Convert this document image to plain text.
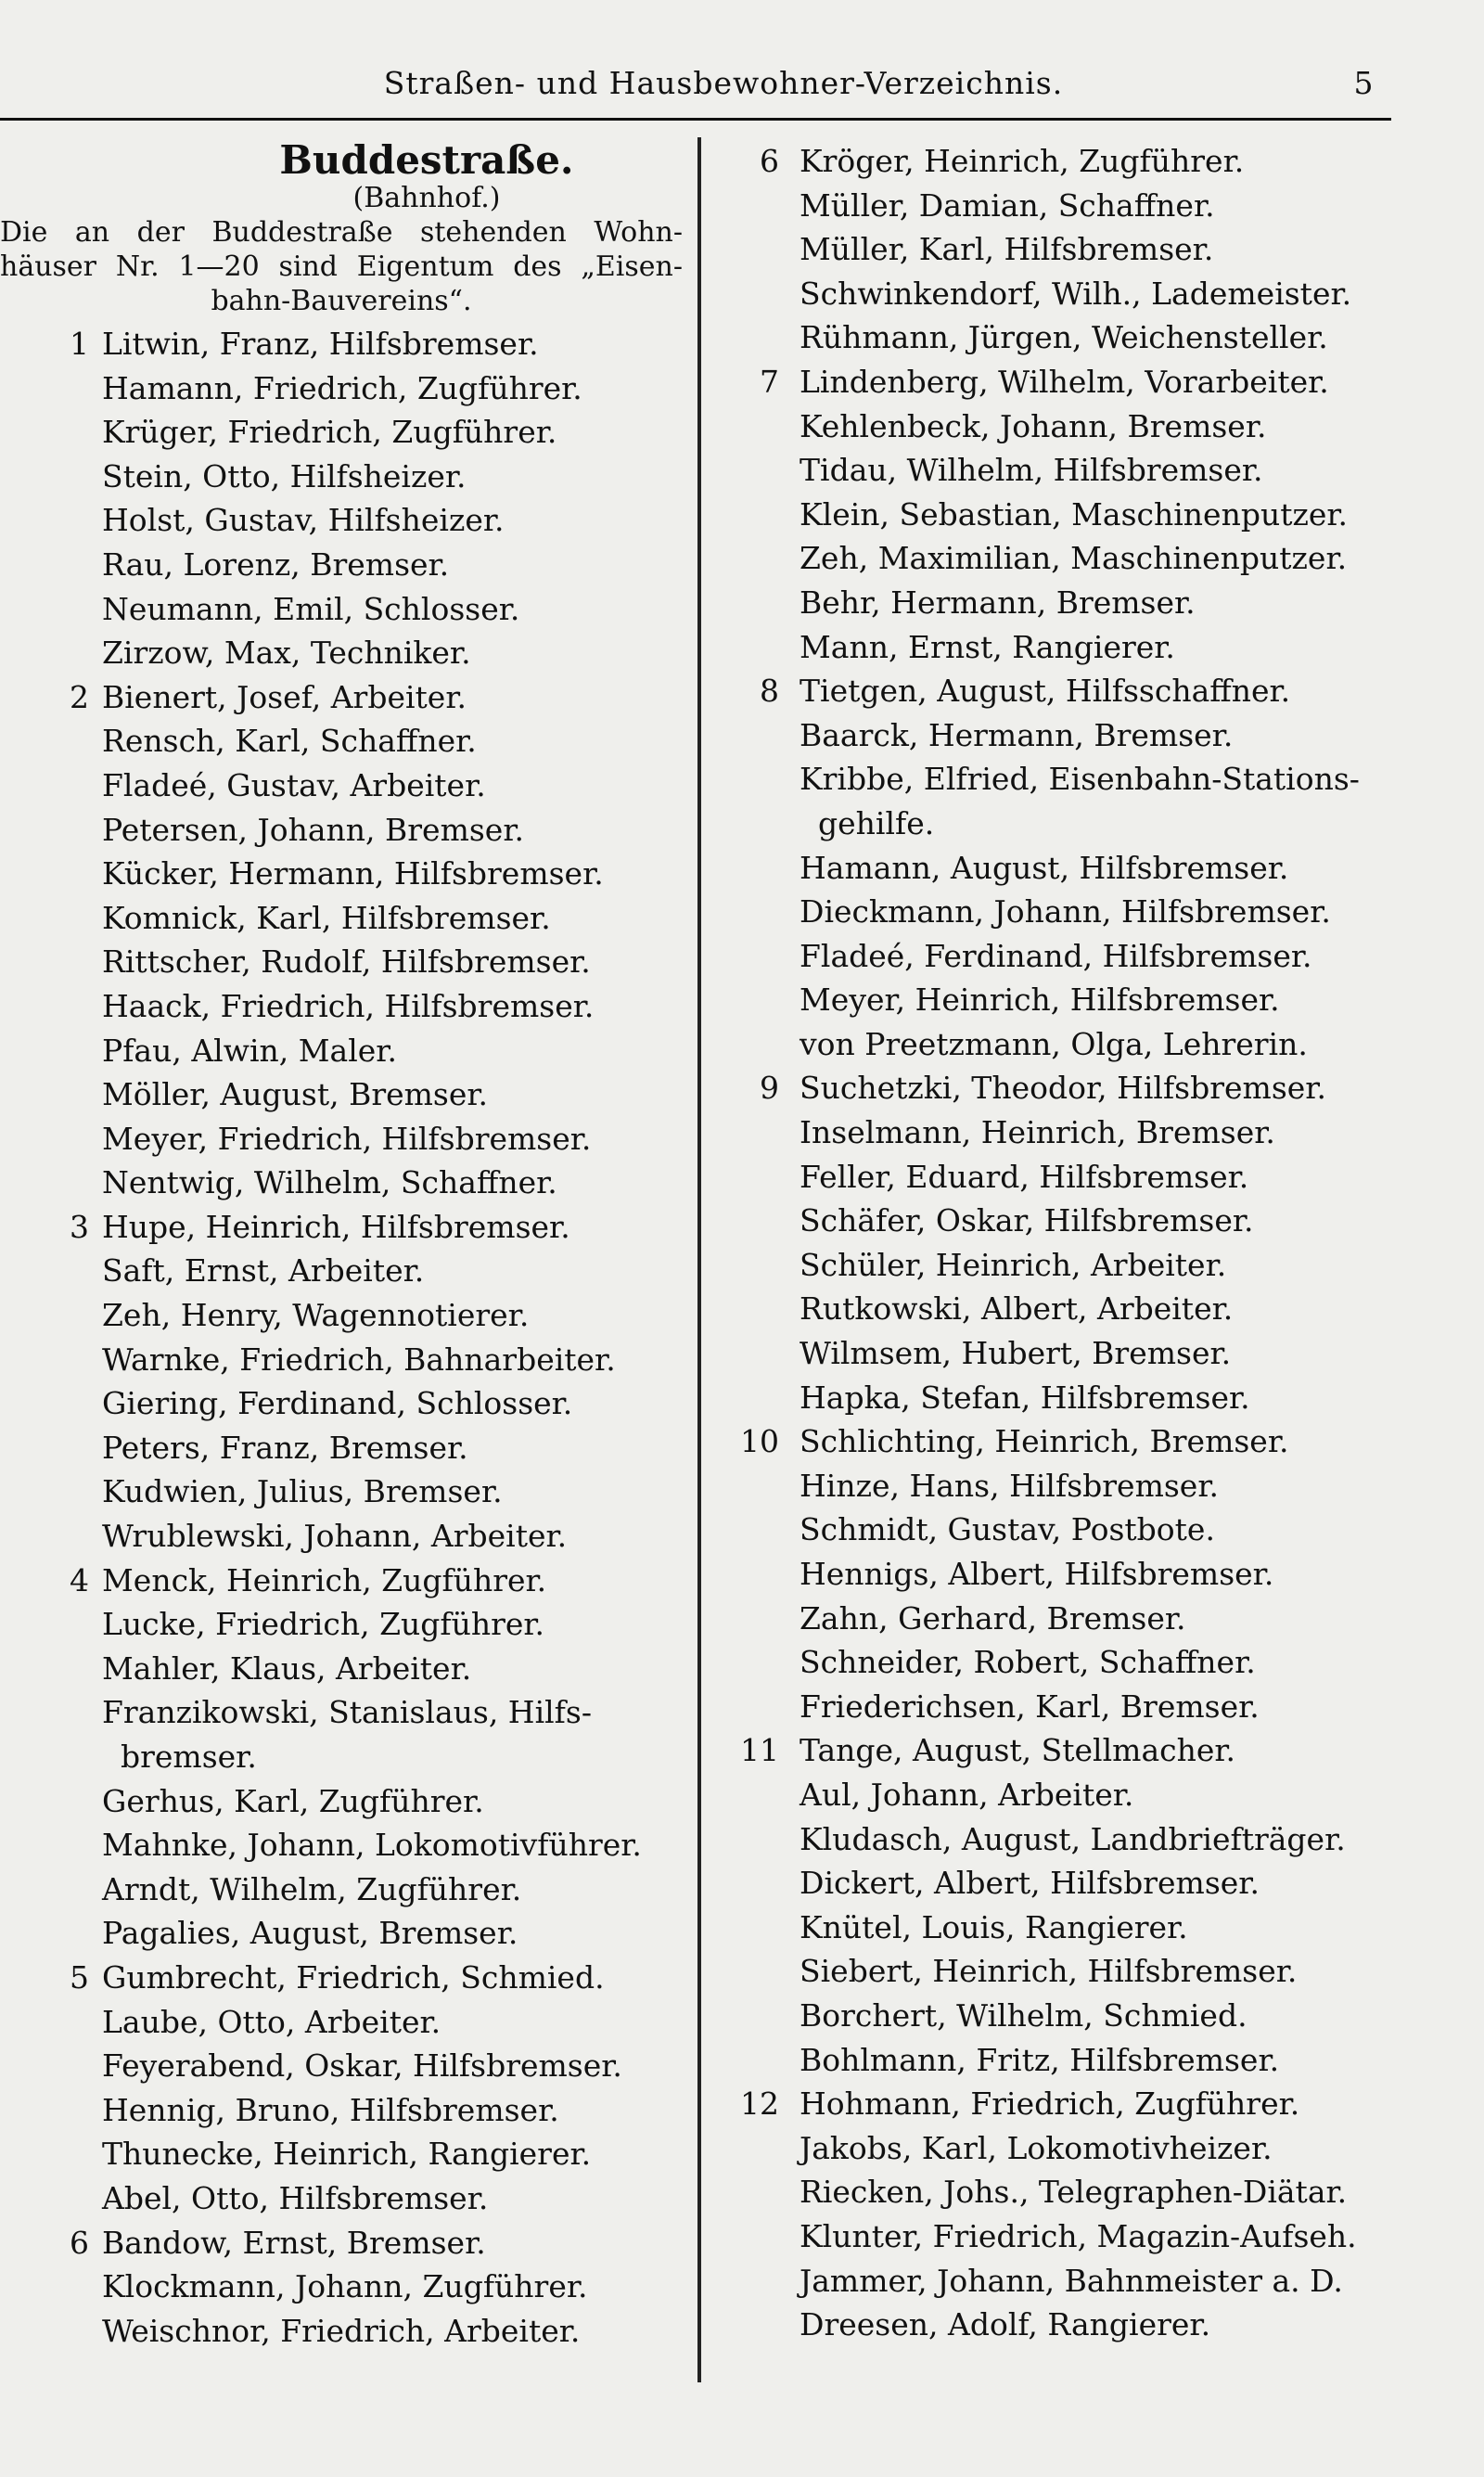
Straßen- und Hausbewohner-Verzeichnis.	5
Buddestraße.
(Bahnhof.)
Die an der Buddestraße stehenden Wohn-
häuser Nr. 1—20 sind Eigentum des „Eisen-
bahn-Bauvereins“.
1 Litwin, Franz, Hilfsbremser.
Hamann, Friedrich, Zugführer.
Krüger, Friedrich, Zugführer.
Stein, Otto, Hilfsheizer.
Holst, Gustav, Hilfsheizer.
Rau, Lorenz, Bremser.
Neumann, Emil, Schlosser.
Zirzow, Max, Techniker.
2 Bienert, Josef, Arbeiter.
Rensch, Karl, Schaffner.
Fladeé, Gustav, Arbeiter.
Petersen, Johann, Bremser.
Kücker, Hermann, Hilfsbremser.
Komnick, Karl, Hilfsbremser.
Rittscher, Rudolf, Hilfsbremser.
Haack, Friedrich, Hilfsbremser.
Pfau, Alwin, Maler.
Möller, August, Bremser.
Meyer, Friedrich, Hilfsbremser.
Nentwig, Wilhelm, Schaffner.
3 Hupe, Heinrich, Hilfsbremser.
Saft, Ernst, Arbeiter.
Zeh, Henry, Wagennotierer.
Warnke, Friedrich, Bahnarbeiter.
Giering, Ferdinand, Schlosser.
Peters, Franz, Bremser.
Kudwien, Julius, Bremser.
Wrublewski, Johann, Arbeiter.
4 Menck, Heinrich, Zugführer.
Lucke, Friedrich, Zugführer.
Mahler, Klaus, Arbeiter.
Franzikowski, Stanislaus, Hilfs-
bremser.
Gerhus, Karl, Zugführer.
Mahnke, Johann, Lokomotivführer.
Arndt, Wilhelm, Zugführer.
Pagalies, August, Bremser.
5 Gumbrecht, Friedrich, Schmied.
Laube, Otto, Arbeiter.
Feyerabend, Oskar, Hilfsbremser.
Hennig, Bruno, Hilfsbremser.
Thunecke, Heinrich, Rangierer.
Abel, Otto, Hilfsbremser.
6 Bandow, Ernst, Bremser.
Klockmann, Johann, Zugführer.
Weischnor, Friedrich, Arbeiter.
6 Kröger, Heinrich, Zugführer.
Müller, Damian, Schaffner.
Müller, Karl, Hilfsbremser.
Schwinkendorf, Wilh., Lademeister.
Rühmann, Jürgen, Weichensteller.
7 Lindenberg, Wilhelm, Vorarbeiter.
Kehlenbeck, Johann, Bremser.
Tidau, Wilhelm, Hilfsbremser.
Klein, Sebastian, Maschinenputzer.
Zeh, Maximilian, Maschinenputzer.
Behr, Hermann, Bremser.
Mann, Ernst, Rangierer.
8 Tietgen, August, Hilfsschaffner.
Baarck, Hermann, Bremser.
Kribbe, Elfried, Eisenbahn-Stations-
gehilfe.
Hamann, August, Hilfsbremser.
Dieckmann, Johann, Hilfsbremser.
Fladeé, Ferdinand, Hilfsbremser.
Meyer, Heinrich, Hilfsbremser.
von Preetzmann, Olga, Lehrerin.
9 Suchetzki, Theodor, Hilfsbremser.
Inselmann, Heinrich, Bremser.
Feller, Eduard, Hilfsbremser.
Schäfer, Oskar, Hilfsbremser.
Schüler, Heinrich, Arbeiter.
Rutkowski, Albert, Arbeiter.
Wilmsem, Hubert, Bremser.
Hapka, Stefan, Hilfsbremser.
10 Schlichting, Heinrich, Bremser.
Hinze, Hans, Hilfsbremser.
Schmidt, Gustav, Postbote.
Hennigs, Albert, Hilfsbremser.
Zahn, Gerhard, Bremser.
Schneider, Robert, Schaffner.
Friederichsen, Karl, Bremser.
11 Tange, August, Stellmacher.
Aul, Johann, Arbeiter.
Kludasch, August, Landbriefträger.
Dickert, Albert, Hilfsbremser.
Knütel, Louis, Rangierer.
Siebert, Heinrich, Hilfsbremser.
Borchert, Wilhelm, Schmied.
Bohlmann, Fritz, Hilfsbremser.
12 Hohmann, Friedrich, Zugführer.
Jakobs, Karl, Lokomotivheizer.
Riecken, Johs., Telegraphen-Diätar.
Klunter, Friedrich, Magazin-Aufseh.
Jammer, Johann, Bahnmeister a. D.
Dreesen, Adolf, Rangierer.
